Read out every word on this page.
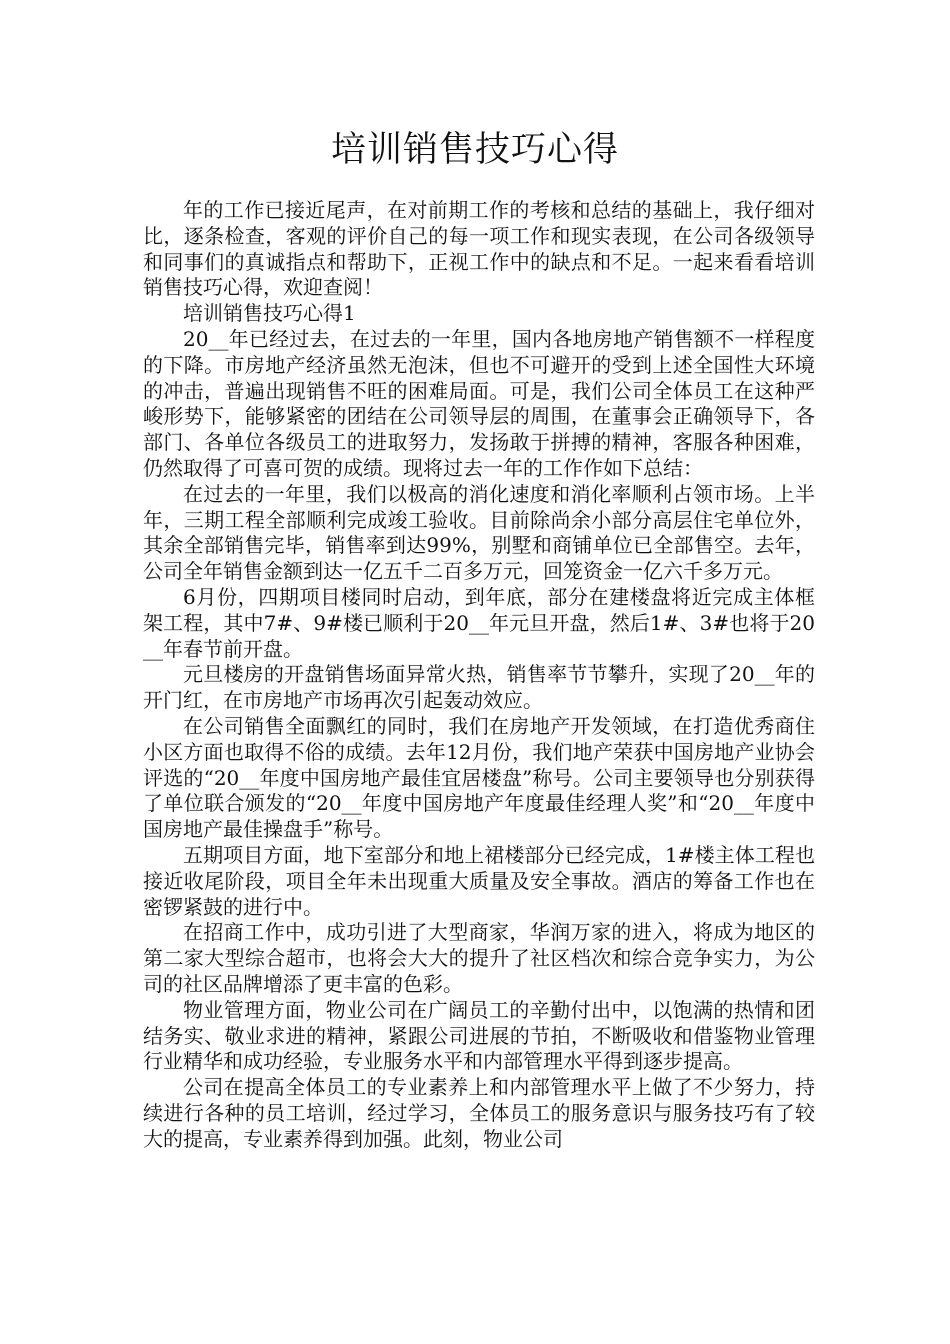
培训销售技巧心得

年的工作已接近尾声，在对前期工作的考核和总结的基础上，我仔细对比，逐条检查，客观的评价自己的每一项工作和现实表现，在公司各级领导和同事们的真诚指点和帮助下，正视工作中的缺点和不足。一起来看看培训销售技巧心得，欢迎查阅！

培训销售技巧心得1

20__年已经过去，在过去的一年里，国内各地房地产销售额不一样程度的下降。市房地产经济虽然无泡沫，但也不可避开的受到上述全国性大环境的冲击，普遍出现销售不旺的困难局面。可是，我们公司全体员工在这种严峻形势下，能够紧密的团结在公司领导层的周围，在董事会正确领导下，各部门、各单位各级员工的进取努力，发扬敢于拼搏的精神，客服各种困难，仍然取得了可喜可贺的成绩。现将过去一年的工作作如下总结：

在过去的一年里，我们以极高的消化速度和消化率顺利占领市场。上半年，三期工程全部顺利完成竣工验收。目前除尚余小部分高层住宅单位外，其余全部销售完毕，销售率到达99%，别墅和商铺单位已全部售空。去年，公司全年销售金额到达一亿五千二百多万元，回笼资金一亿六千多万元。

6月份，四期项目楼同时启动，到年底，部分在建楼盘将近完成主体框架工程，其中7#、9#楼已顺利于20__年元旦开盘，然后1#、3#也将于20__年春节前开盘。

元旦楼房的开盘销售场面异常火热，销售率节节攀升，实现了20__年的开门红，在市房地产市场再次引起轰动效应。

在公司销售全面飘红的同时，我们在房地产开发领域，在打造优秀商住小区方面也取得不俗的成绩。去年12月份，我们地产荣获中国房地产业协会评选的“20__年度中国房地产最佳宜居楼盘”称号。公司主要领导也分别获得了单位联合颁发的“20__年度中国房地产年度最佳经理人奖”和“20__年度中国房地产最佳操盘手”称号。

五期项目方面，地下室部分和地上裙楼部分已经完成，1#楼主体工程也接近收尾阶段，项目全年未出现重大质量及安全事故。酒店的筹备工作也在密锣紧鼓的进行中。

在招商工作中，成功引进了大型商家，华润万家的进入，将成为地区的第二家大型综合超市，也将会大大的提升了社区档次和综合竞争实力，为公司的社区品牌增添了更丰富的色彩。

物业管理方面，物业公司在广阔员工的辛勤付出中，以饱满的热情和团结务实、敬业求进的精神，紧跟公司进展的节拍，不断吸收和借鉴物业管理行业精华和成功经验，专业服务水平和内部管理水平得到逐步提高。

公司在提高全体员工的专业素养上和内部管理水平上做了不少努力，持续进行各种的员工培训，经过学习，全体员工的服务意识与服务技巧有了较大的提高，专业素养得到加强。此刻，物业公司
